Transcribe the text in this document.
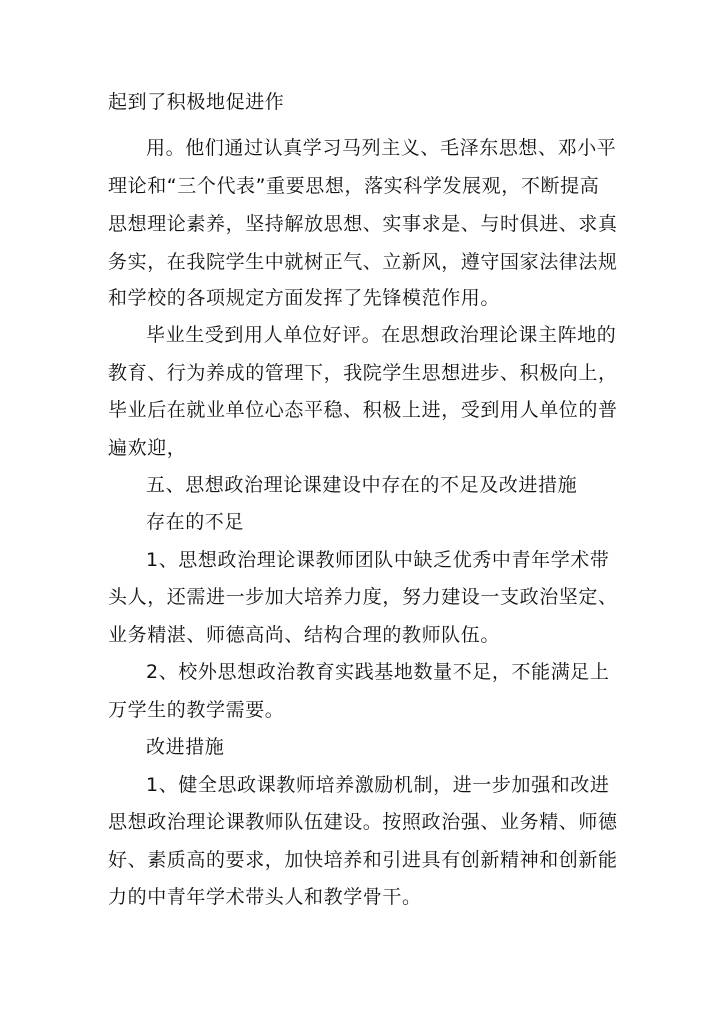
起到了积极地促进作
用。他们通过认真学习马列主义、毛泽东思想、邓小平
理论和“三个代表”重要思想，落实科学发展观，不断提高
思想理论素养，坚持解放思想、实事求是、与时俱进、求真
务实，在我院学生中就树正气、立新风，遵守国家法律法规
和学校的各项规定方面发挥了先锋模范作用。
毕业生受到用人单位好评。在思想政治理论课主阵地的
教育、行为养成的管理下，我院学生思想进步、积极向上，
毕业后在就业单位心态平稳、积极上进，受到用人单位的普
遍欢迎，
五、思想政治理论课建设中存在的不足及改进措施
存在的不足
1、思想政治理论课教师团队中缺乏优秀中青年学术带
头人，还需进一步加大培养力度，努力建设一支政治坚定、
业务精湛、师德高尚、结构合理的教师队伍。
2、校外思想政治教育实践基地数量不足，不能满足上
万学生的教学需要。
改进措施
1、健全思政课教师培养激励机制，进一步加强和改进
思想政治理论课教师队伍建设。按照政治强、业务精、师德
好、素质高的要求，加快培养和引进具有创新精神和创新能
力的中青年学术带头人和教学骨干。
